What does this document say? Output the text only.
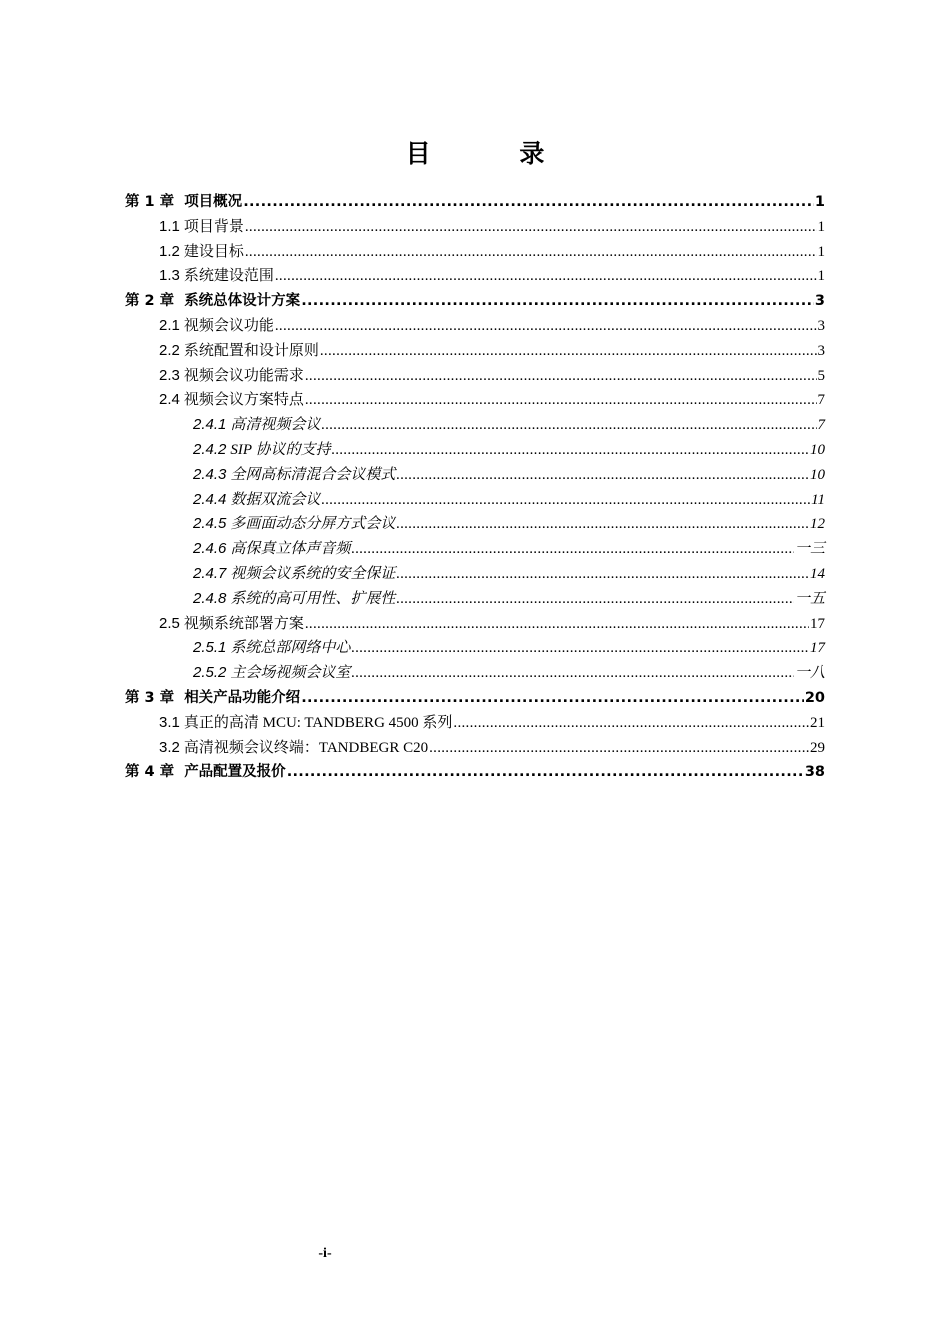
目 录
第 1 章 项目概况 .....	1
1.1 项目背景 .....	1
1.2 建设目标 .....	1
1.3 系统建设范围 .....	1
第 2 章 系统总体设计方案 .....	3
2.1 视频会议功能 .....	3
2.2 系统配置和设计原则 .....	3
2.3 视频会议功能需求 .....	5
2.4 视频会议方案特点 .....	7
2.4.1 高清视频会议 .....	7
2.4.2 SIP 协议的支持 .....	10
2.4.3 全网高标清混合会议模式 .....	10
2.4.4 数据双流会议 .....	11
2.4.5 多画面动态分屏方式会议 .....	12
2.4.6 高保真立体声音频 .....	一三
2.4.7 视频会议系统的安全保证 .....	14
2.4.8 系统的高可用性、扩展性 .....	一五
2.5 视频系统部署方案 .....	17
2.5.1 系统总部网络中心 .....	17
2.5.2 主会场视频会议室 .....	一八
第 3 章 相关产品功能介绍 .....	20
3.1 真正的高清 MCU: TANDBERG 4500 系列 .....	21
3.2 高清视频会议终端：TANDBEGR C20 .....	29
第 4 章 产品配置及报价 .....	38
-i-
